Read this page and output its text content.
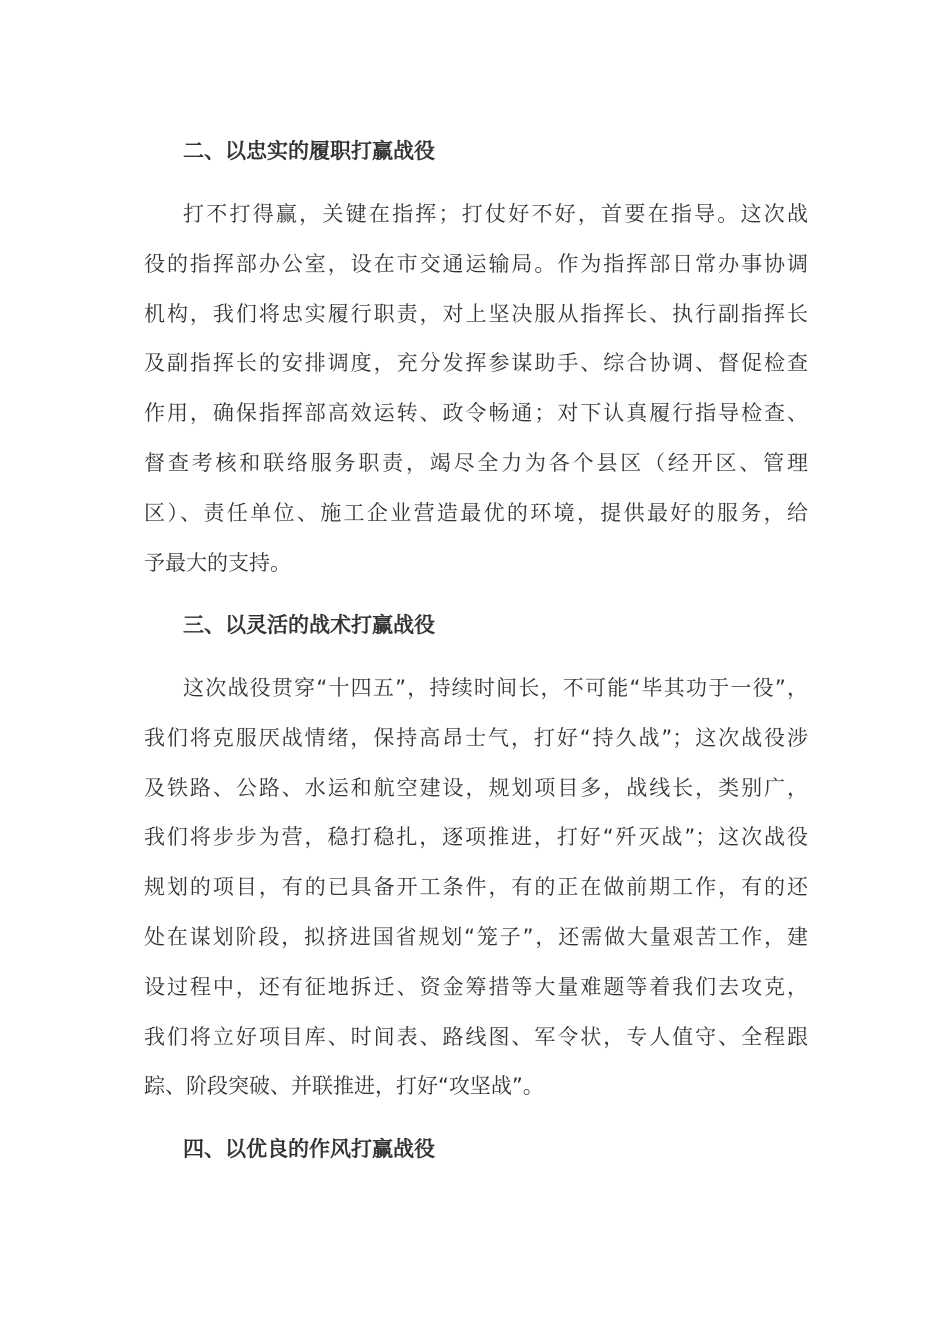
二、以忠实的履职打赢战役
打不打得赢，关键在指挥；打仗好不好，首要在指导。这次战
役的指挥部办公室，设在市交通运输局。作为指挥部日常办事协调
机构，我们将忠实履行职责，对上坚决服从指挥长、执行副指挥长
及副指挥长的安排调度，充分发挥参谋助手、综合协调、督促检查
作用，确保指挥部高效运转、政令畅通；对下认真履行指导检查、
督查考核和联络服务职责，竭尽全力为各个县区（经开区、管理
区）、责任单位、施工企业营造最优的环境，提供最好的服务，给
予最大的支持。
三、以灵活的战术打赢战役
这次战役贯穿“十四五”，持续时间长，不可能“毕其功于一役”，
我们将克服厌战情绪，保持高昂士气，打好“持久战”；这次战役涉
及铁路、公路、水运和航空建设，规划项目多，战线长，类别广，
我们将步步为营，稳打稳扎，逐项推进，打好“歼灭战”；这次战役
规划的项目，有的已具备开工条件，有的正在做前期工作，有的还
处在谋划阶段，拟挤进国省规划“笼子”，还需做大量艰苦工作，建
设过程中，还有征地拆迁、资金筹措等大量难题等着我们去攻克，
我们将立好项目库、时间表、路线图、军令状，专人值守、全程跟
踪、阶段突破、并联推进，打好“攻坚战”。
四、以优良的作风打赢战役
